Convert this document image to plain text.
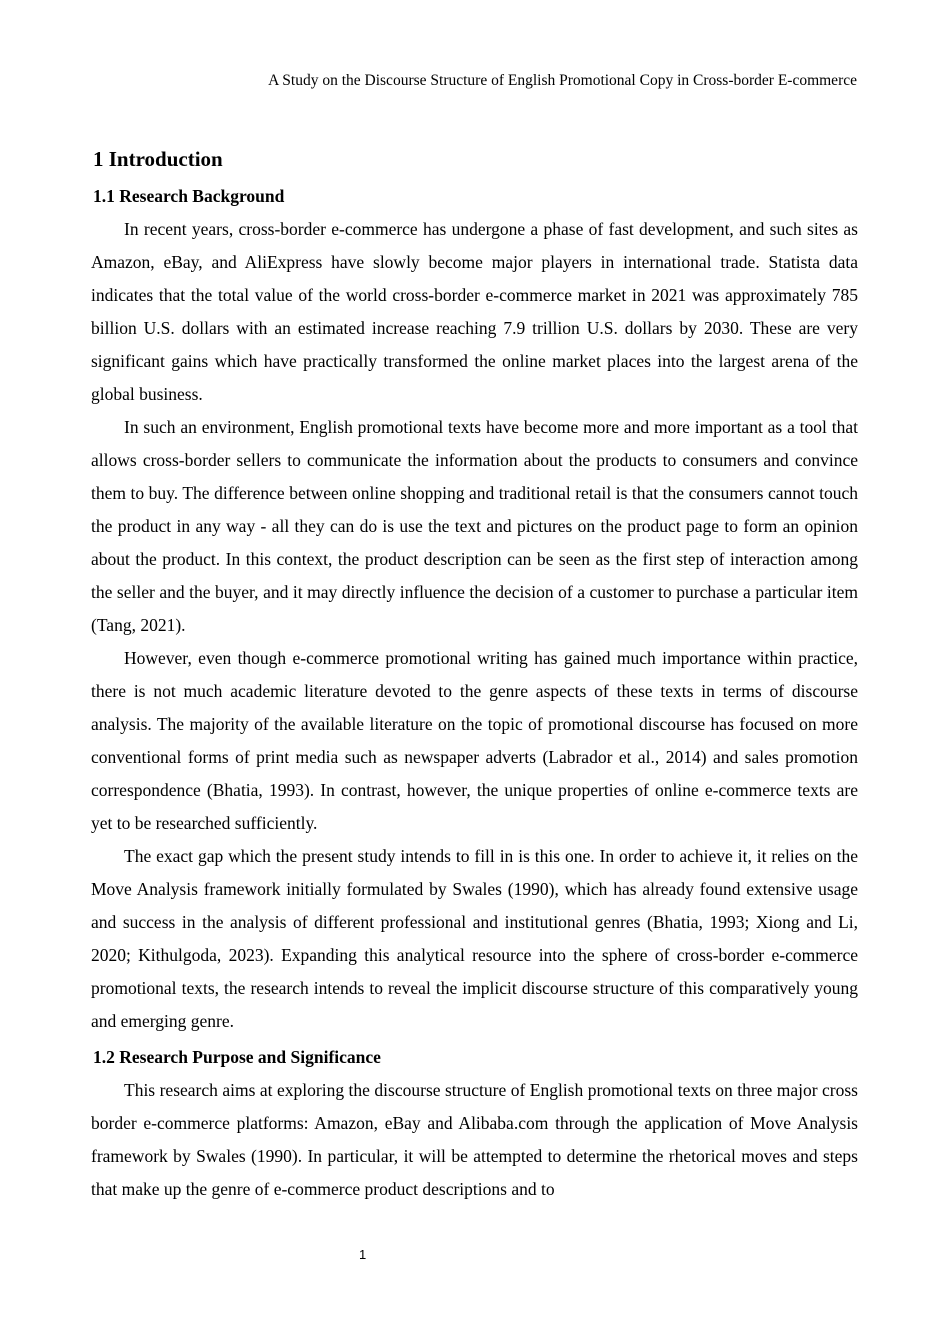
A Study on the Discourse Structure of English Promotional Copy in Cross-border E-commerce
1 Introduction
1.1 Research Background

In recent years, cross-border e-commerce has undergone a phase of fast development, and such sites as Amazon, eBay, and AliExpress have slowly become major players in international trade. Statista data indicates that the total value of the world cross-border e-commerce market in 2021 was approximately 785 billion U.S. dollars with an estimated increase reaching 7.9 trillion U.S. dollars by 2030. These are very significant gains which have practically transformed the online market places into the largest arena of the global business.

In such an environment, English promotional texts have become more and more important as a tool that allows cross-border sellers to communicate the information about the products to consumers and convince them to buy. The difference between online shopping and traditional retail is that the consumers cannot touch the product in any way - all they can do is use the text and pictures on the product page to form an opinion about the product. In this context, the product description can be seen as the first step of interaction among the seller and the buyer, and it may directly influence the decision of a customer to purchase a particular item (Tang, 2021).

However, even though e-commerce promotional writing has gained much importance within practice, there is not much academic literature devoted to the genre aspects of these texts in terms of discourse analysis. The majority of the available literature on the topic of promotional discourse has focused on more conventional forms of print media such as newspaper adverts (Labrador et al., 2014) and sales promotion correspondence (Bhatia, 1993). In contrast, however, the unique properties of online e-commerce texts are yet to be researched sufficiently.

The exact gap which the present study intends to fill in is this one. In order to achieve it, it relies on the Move Analysis framework initially formulated by Swales (1990), which has already found extensive usage and success in the analysis of different professional and institutional genres (Bhatia, 1993; Xiong and Li, 2020; Kithulgoda, 2023). Expanding this analytical resource into the sphere of cross-border e-commerce promotional texts, the research intends to reveal the implicit discourse structure of this comparatively young and emerging genre.

1.2 Research Purpose and Significance

This research aims at exploring the discourse structure of English promotional texts on three major cross border e-commerce platforms: Amazon, eBay and Alibaba.com through the application of Move Analysis framework by Swales (1990). In particular, it will be attempted to determine the rhetorical moves and steps that make up the genre of e-commerce product descriptions and to

1
